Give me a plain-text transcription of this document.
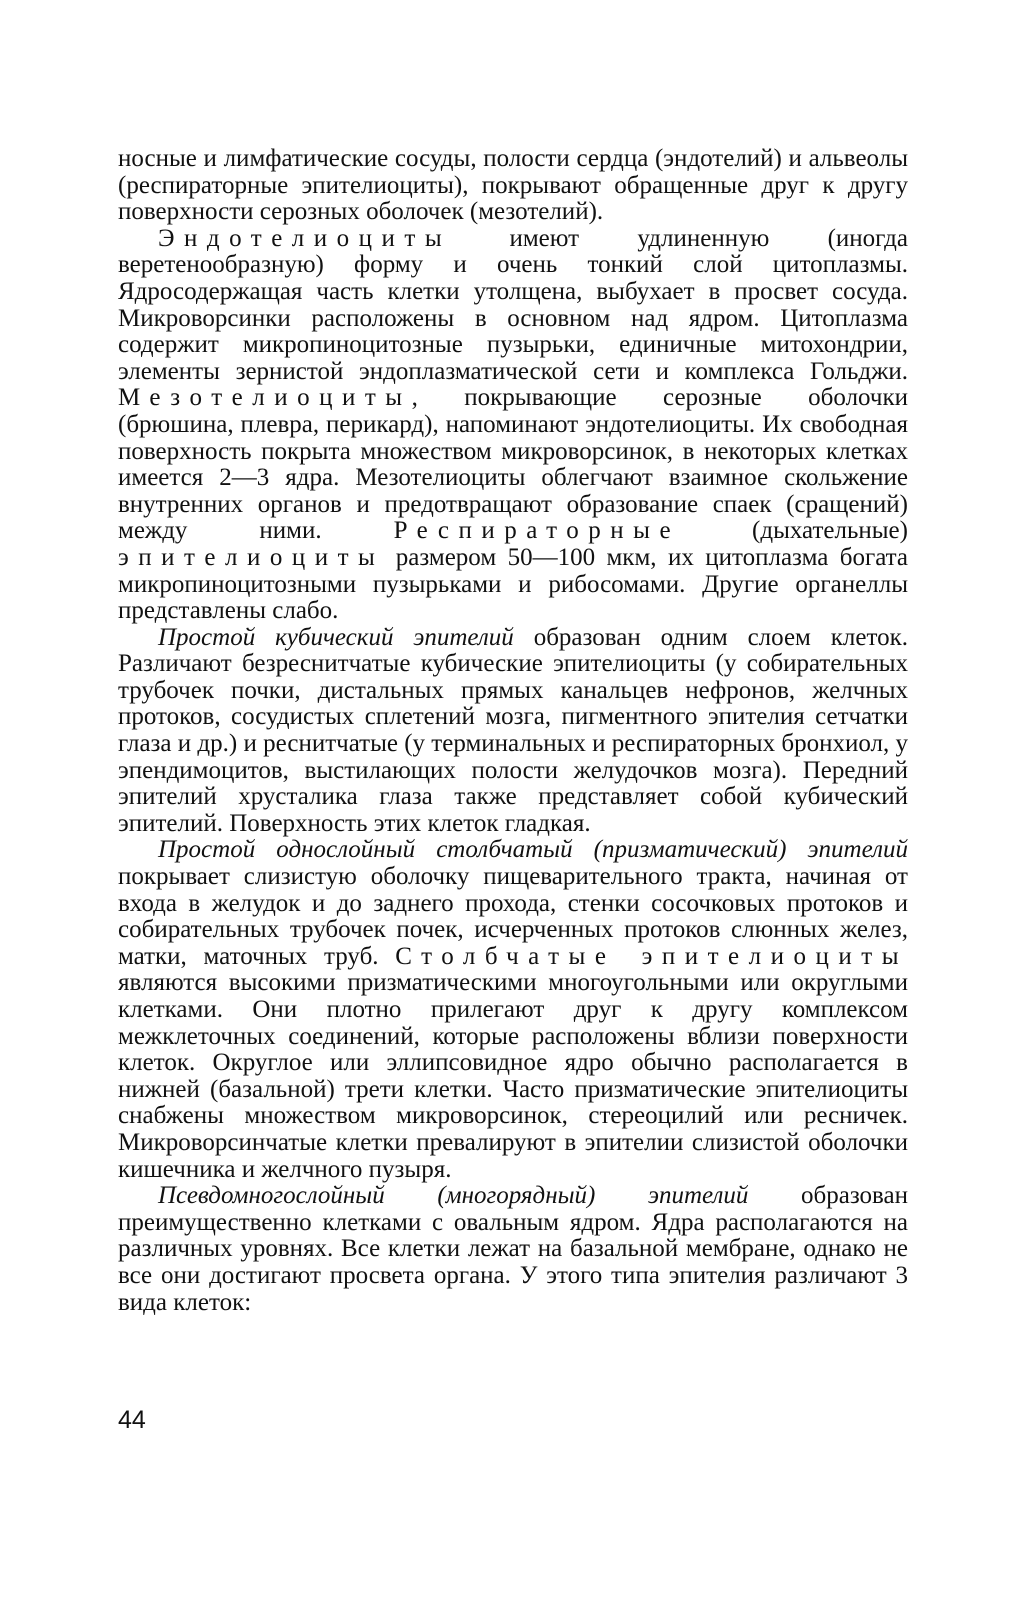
носные и лимфатические сосуды, полости сердца (эндотелий) и альвеолы (респираторные эпителиоциты), покрывают обращенные друг к другу поверхности серозных оболочек (мезотелий).

Эндотелиоциты имеют удлиненную (иногда веретенообразную) форму и очень тонкий слой цитоплазмы. Ядросодержащая часть клетки утолщена, выбухает в просвет сосуда. Микроворсинки расположены в основном над ядром. Цитоплазма содержит микропиноцитозные пузырьки, единичные митохондрии, элементы зернистой эндоплазматической сети и комплекса Гольджи. Мезотелиоциты, покрывающие серозные оболочки (брюшина, плевра, перикард), напоминают эндотелиоциты. Их свободная поверхность покрыта множеством микроворсинок, в некоторых клетках имеется 2—3 ядра. Мезотелиоциты облегчают взаимное скольжение внутренних органов и предотвращают образование спаек (сращений) между ними. Респираторные (дыхательные) эпителиоциты размером 50—100 мкм, их цитоплазма богата микропиноцитозными пузырьками и рибосомами. Другие органеллы представлены слабо.

Простой кубический эпителий образован одним слоем клеток. Различают безреснитчатые кубические эпителиоциты (у собирательных трубочек почки, дистальных прямых канальцев нефронов, желчных протоков, сосудистых сплетений мозга, пигментного эпителия сетчатки глаза и др.) и реснитчатые (у терминальных и респираторных бронхиол, у эпендимоцитов, выстилающих полости желудочков мозга). Передний эпителий хрусталика глаза также представляет собой кубический эпителий. Поверхность этих клеток гладкая.

Простой однослойный столбчатый (призматический) эпителий покрывает слизистую оболочку пищеварительного тракта, начиная от входа в желудок и до заднего прохода, стенки сосочковых протоков и собирательных трубочек почек, исчерченных протоков слюнных желез, матки, маточных труб. Столбчатые эпителиоциты являются высокими призматическими многоугольными или округлыми клетками. Они плотно прилегают друг к другу комплексом межклеточных соединений, которые расположены вблизи поверхности клеток. Округлое или эллипсовидное ядро обычно располагается в нижней (базальной) трети клетки. Часто призматические эпителиоциты снабжены множеством микроворсинок, стереоцилий или ресничек. Микроворсинчатые клетки превалируют в эпителии слизистой оболочки кишечника и желчного пузыря.

Псевдомногослойный (многорядный) эпителий образован преимущественно клетками с овальным ядром. Ядра располагаются на различных уровнях. Все клетки лежат на базальной мембране, однако не все они достигают просвета органа. У этого типа эпителия различают 3 вида клеток:

44
